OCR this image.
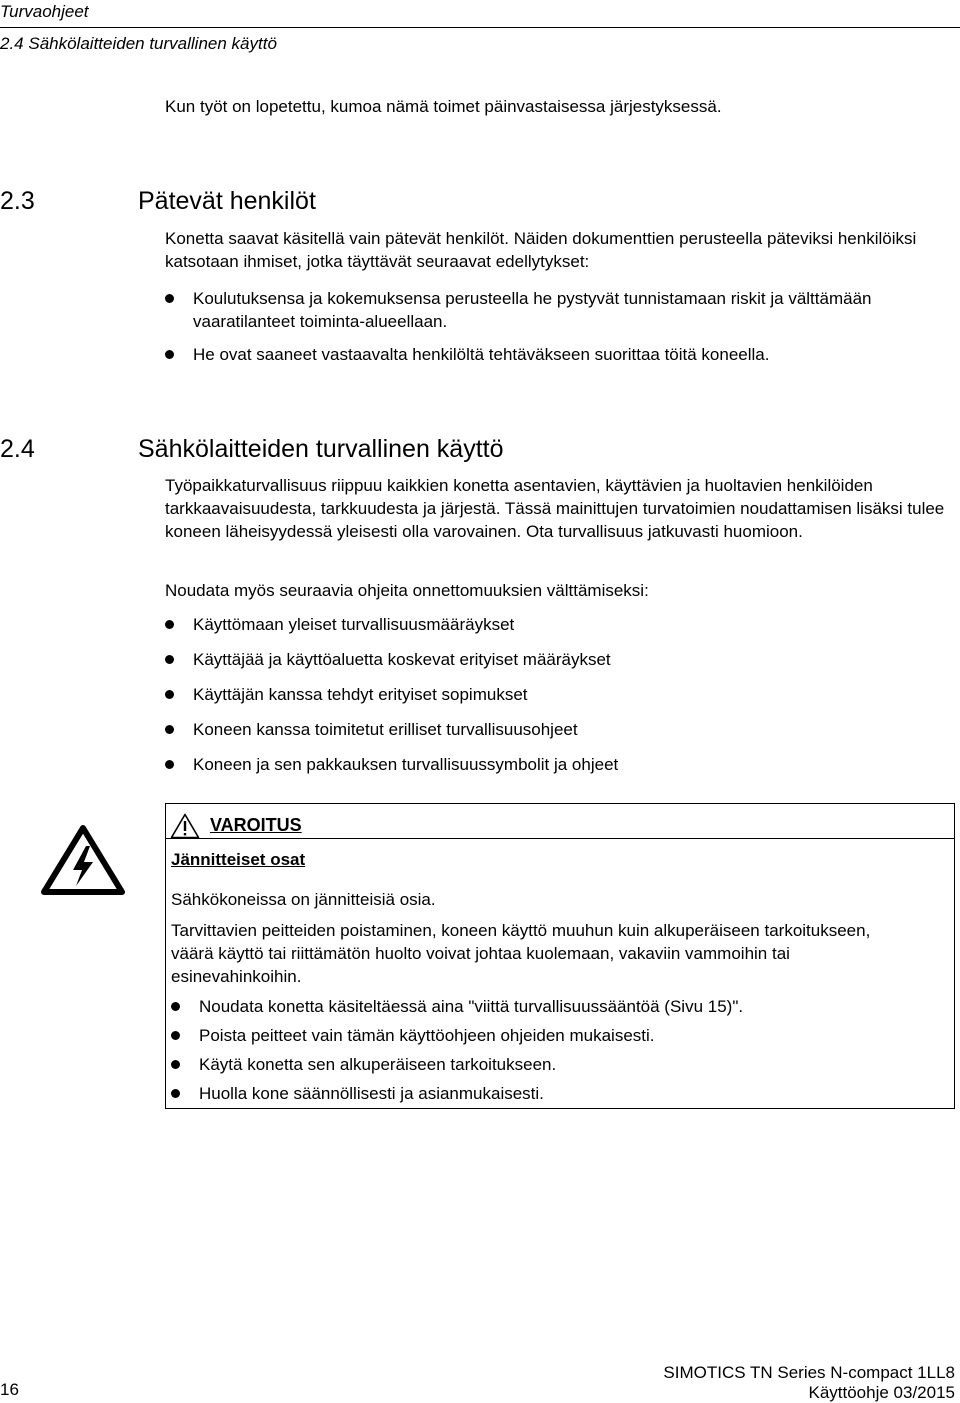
Turvaohjeet
2.4 Sähkölaitteiden turvallinen käyttö
Kun työt on lopetettu, kumoa nämä toimet päinvastaisessa järjestyksessä.
2.3	Pätevät henkilöt
Konetta saavat käsitellä vain pätevät henkilöt. Näiden dokumenttien perusteella päteviksi henkilöiksi katsotaan ihmiset, jotka täyttävät seuraavat edellytykset:
Koulutuksensa ja kokemuksensa perusteella he pystyvät tunnistamaan riskit ja välttämään vaaratilanteet toiminta-alueellaan.
He ovat saaneet vastaavalta henkilöltä tehtäväkseen suorittaa töitä koneella.
2.4	Sähkölaitteiden turvallinen käyttö
Työpaikkaturvallisuus riippuu kaikkien konetta asentavien, käyttävien ja huoltavien henkilöiden tarkkaavaisuudesta, tarkkuudesta ja järjestä. Tässä mainittujen turvatoimien noudattamisen lisäksi tulee koneen läheisyydessä yleisesti olla varovainen. Ota turvallisuus jatkuvasti huomioon.
Noudata myös seuraavia ohjeita onnettomuuksien välttämiseksi:
Käyttömaan yleiset turvallisuusmääräykset
Käyttäjää ja käyttöaluetta koskevat erityiset määräykset
Käyttäjän kanssa tehdyt erityiset sopimukset
Koneen kanssa toimitetut erilliset turvallisuusohjeet
Koneen ja sen pakkauksen turvallisuussymbolit ja ohjeet
VAROITUS
Jännitteiset osat
Sähkökoneissa on jännitteisiä osia.
Tarvittavien peitteiden poistaminen, koneen käyttö muuhun kuin alkuperäiseen tarkoitukseen, väärä käyttö tai riittämätön huolto voivat johtaa kuolemaan, vakaviin vammoihin tai esinevahinkoihin.
Noudata konetta käsiteltäessä aina "viittä turvallisuussääntöä (Sivu 15)".
Poista peitteet vain tämän käyttöohjeen ohjeiden mukaisesti.
Käytä konetta sen alkuperäiseen tarkoitukseen.
Huolla kone säännöllisesti ja asianmukaisesti.
16
SIMOTICS TN Series N-compact 1LL8
Käyttöohje 03/2015
